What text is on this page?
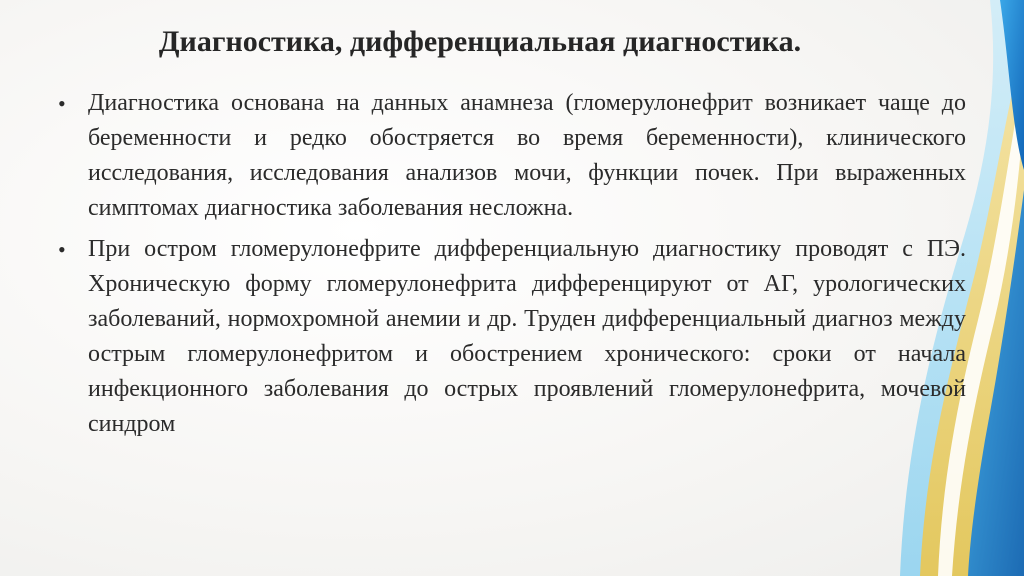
Диагностика, дифференциальная диагностика.
• Диагностика основана на данных анамнеза (гломерулонефрит возникает чаще до беременности и редко обостряется во время беременности), клинического исследования, исследования анализов мочи, функции почек. При выраженных симптомах диагностика заболевания несложна.
• При остром гломерулонефрите дифференциальную диагностику проводят с ПЭ. Хроническую форму гломерулонефрита дифференцируют от АГ, урологических заболеваний, нормохромной анемии и др. Труден дифференциальный диагноз между острым гломерулонефритом и обострением хронического: сроки от начала инфекционного заболевания до острых проявлений гломерулонефрита, мочевой синдром
